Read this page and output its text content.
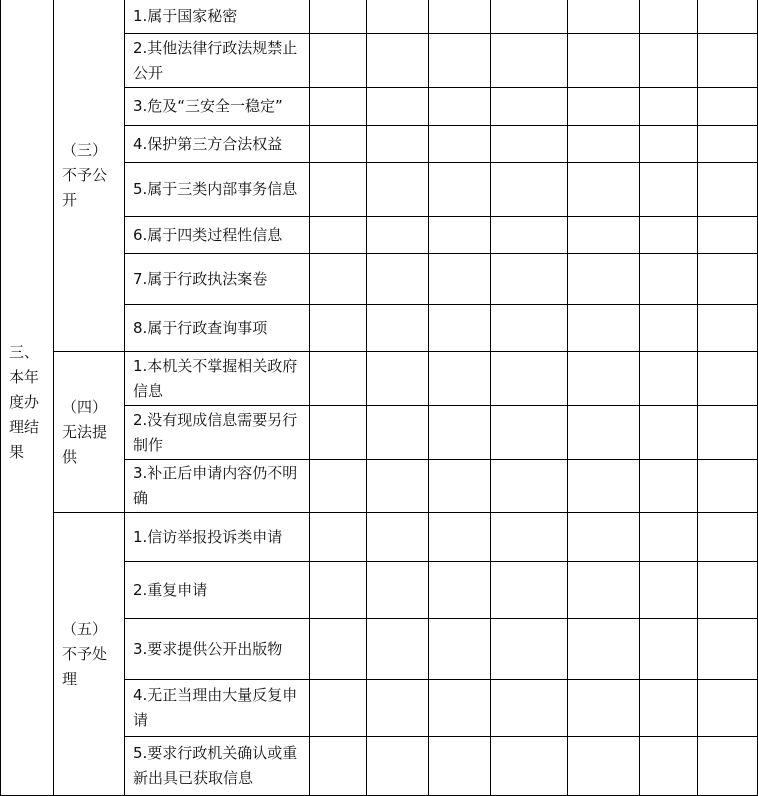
三、本年度办理结果	（三）不予公开	1.属于国家秘密							
		2.其他法律行政法规禁止公开							
		3.危及“三安全一稳定”							
		4.保护第三方合法权益							
		5.属于三类内部事务信息							
		6.属于四类过程性信息							
		7.属于行政执法案卷							
		8.属于行政查询事项							
	（四）无法提供	1.本机关不掌握相关政府信息							
		2.没有现成信息需要另行制作							
		3.补正后申请内容仍不明确							
	（五）不予处理	1.信访举报投诉类申请							
		2.重复申请							
		3.要求提供公开出版物							
		4.无正当理由大量反复申请							
		5.要求行政机关确认或重新出具已获取信息							
